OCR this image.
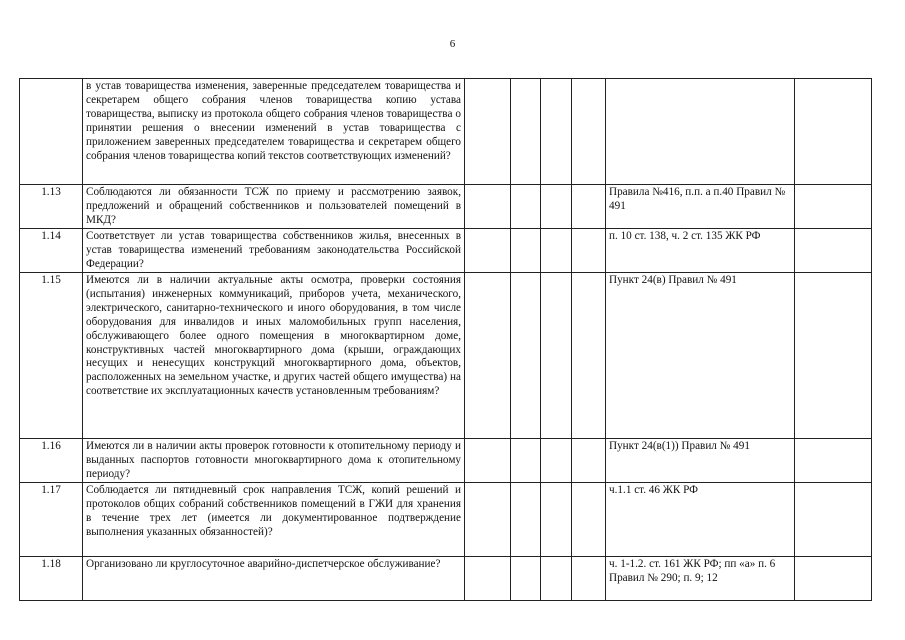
6
	в устав товарищества изменения, заверенные председателем товарищества и секретарем общего собрания членов товарищества копию устава товарищества, выписку из протокола общего собрания членов товарищества о принятии решения о внесении изменений в устав товарищества с приложением заверенных председателем товарищества и секретарем общего собрания членов товарищества копий текстов соответствующих изменений?						
1.13	Соблюдаются ли обязанности ТСЖ по приему и рассмотрению заявок, предложений и обращений собственников и пользователей помещений в МКД?					Правила №416, п.п. а п.40 Правил № 491	
1.14	Соответствует ли устав товарищества собственников жилья, внесенных в устав товарищества изменений требованиям законодательства Российской Федерации?					п. 10 ст. 138, ч. 2 ст. 135 ЖК РФ	
1.15	Имеются ли в наличии актуальные акты осмотра, проверки состояния (испытания) инженерных коммуникаций, приборов учета, механического, электрического, санитарно-технического и иного оборудования, в том числе оборудования для инвалидов и иных маломобильных групп населения, обслуживающего более одного помещения в многоквартирном доме, конструктивных частей многоквартирного дома (крыши, ограждающих несущих и ненесущих конструкций многоквартирного дома, объектов, расположенных на земельном участке, и других частей общего имущества) на соответствие их эксплуатационных качеств установленным требованиям?					Пункт 24(в) Правил № 491	
1.16	Имеются ли в наличии акты проверок готовности к отопительному периоду и выданных паспортов готовности многоквартирного дома к отопительному периоду?					Пункт 24(в(1)) Правил № 491	
1.17	Соблюдается ли пятидневный срок направления ТСЖ, копий решений и протоколов общих собраний собственников помещений в ГЖИ для хранения в течение трех лет (имеется ли документированное подтверждение выполнения указанных обязанностей)?					ч.1.1 ст. 46 ЖК РФ	
1.18	Организовано ли круглосуточное аварийно-диспетчерское обслуживание?					ч. 1-1.2. ст. 161 ЖК РФ; пп «а» п. 6 Правил № 290; п. 9; 12	
